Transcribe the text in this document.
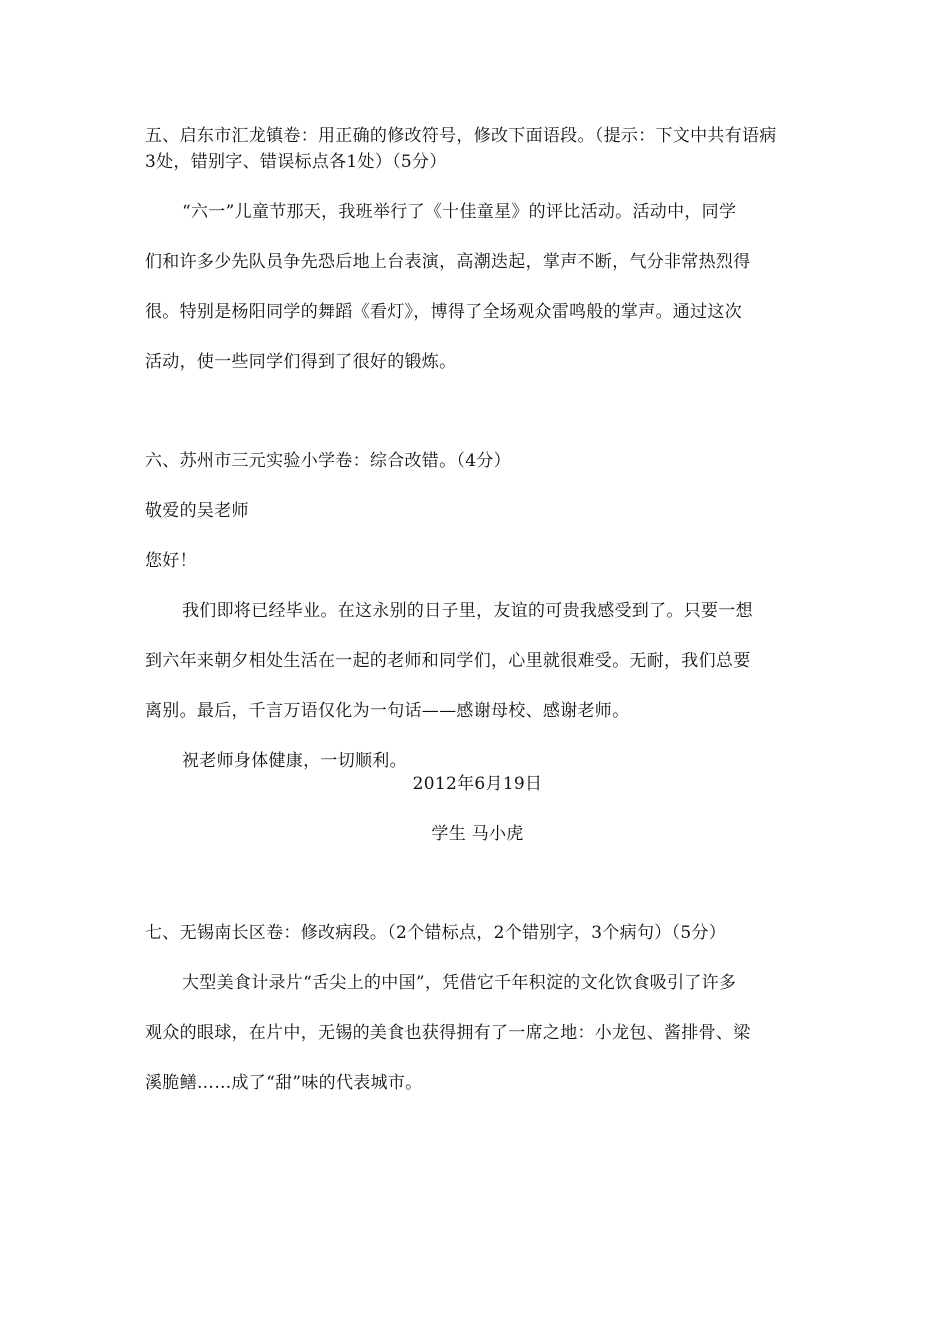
五、启东市汇龙镇卷：用正确的修改符号，修改下面语段。（提示：下文中共有语病
3处，错别字、错误标点各1处）（5分）
“六一”儿童节那天，我班举行了《十佳童星》的评比活动。活动中，同学
们和许多少先队员争先恐后地上台表演，高潮迭起，掌声不断，气分非常热烈得
很。特别是杨阳同学的舞蹈《看灯》，博得了全场观众雷鸣般的掌声。通过这次
活动，使一些同学们得到了很好的锻炼。
六、苏州市三元实验小学卷：综合改错。（4分）
敬爱的吴老师
您好！
我们即将已经毕业。在这永别的日子里，友谊的可贵我感受到了。只要一想
到六年来朝夕相处生活在一起的老师和同学们，心里就很难受。无耐，我们总要
离别。最后，千言万语仅化为一句话——感谢母校、感谢老师。
祝老师身体健康，一切顺利。
2012年6月19日
学生 马小虎
七、无锡南长区卷：修改病段。（2个错标点，2个错别字，3个病句）（5分）
大型美食计录片“舌尖上的中国”，凭借它千年积淀的文化饮食吸引了许多
观众的眼球，在片中，无锡的美食也获得拥有了一席之地：小龙包、酱排骨、梁
溪脆鳝……成了“甜”味的代表城市。
